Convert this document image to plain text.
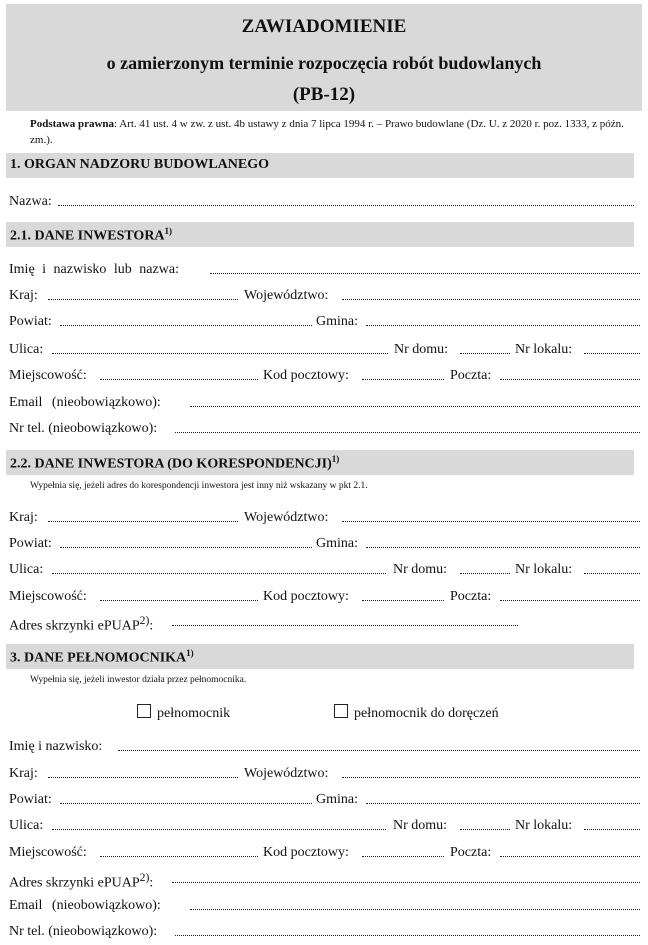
ZAWIADOMIENIE
o zamierzonym terminie rozpoczęcia robót budowlanych
(PB-12)
Podstawa prawna: Art. 41 ust. 4 w zw. z ust. 4b ustawy z dnia 7 lipca 1994 r. – Prawo budowlane (Dz. U. z 2020 r. poz. 1333, z późn. zm.).
1. ORGAN NADZORU BUDOWLANEGO
Nazwa:
2.1. DANE INWESTORA$^{1)}$
Imię i nazwisko lub nazwa:
Kraj:	Województwo:
Powiat:	Gmina:
Ulica:	Nr domu:	Nr lokalu:
Miejscowość:	Kod pocztowy:	Poczta:
Email (nieobowiązkowo):
Nr tel. (nieobowiązkowo):
2.2. DANE INWESTORA (DO KORESPONDENCJI)$^{1)}$
Wypełnia się, jeżeli adres do korespondencji inwestora jest inny niż wskazany w pkt 2.1.
Kraj:	Województwo:
Powiat:	Gmina:
Ulica:	Nr domu:	Nr lokalu:
Miejscowość:	Kod pocztowy:	Poczta:
Adres skrzynki ePUAP$^{2)}$:
3. DANE PEŁNOMOCNIKA$^{1)}$
Wypełnia się, jeżeli inwestor działa przez pełnomocnika.
pełnomocnik	pełnomocnik do doręczeń
Imię i nazwisko:
Kraj:	Województwo:
Powiat:	Gmina:
Ulica:	Nr domu:	Nr lokalu:
Miejscowość:	Kod pocztowy:	Poczta:
Adres skrzynki ePUAP$^{2)}$:
Email (nieobowiązkowo):
Nr tel. (nieobowiązkowo):
